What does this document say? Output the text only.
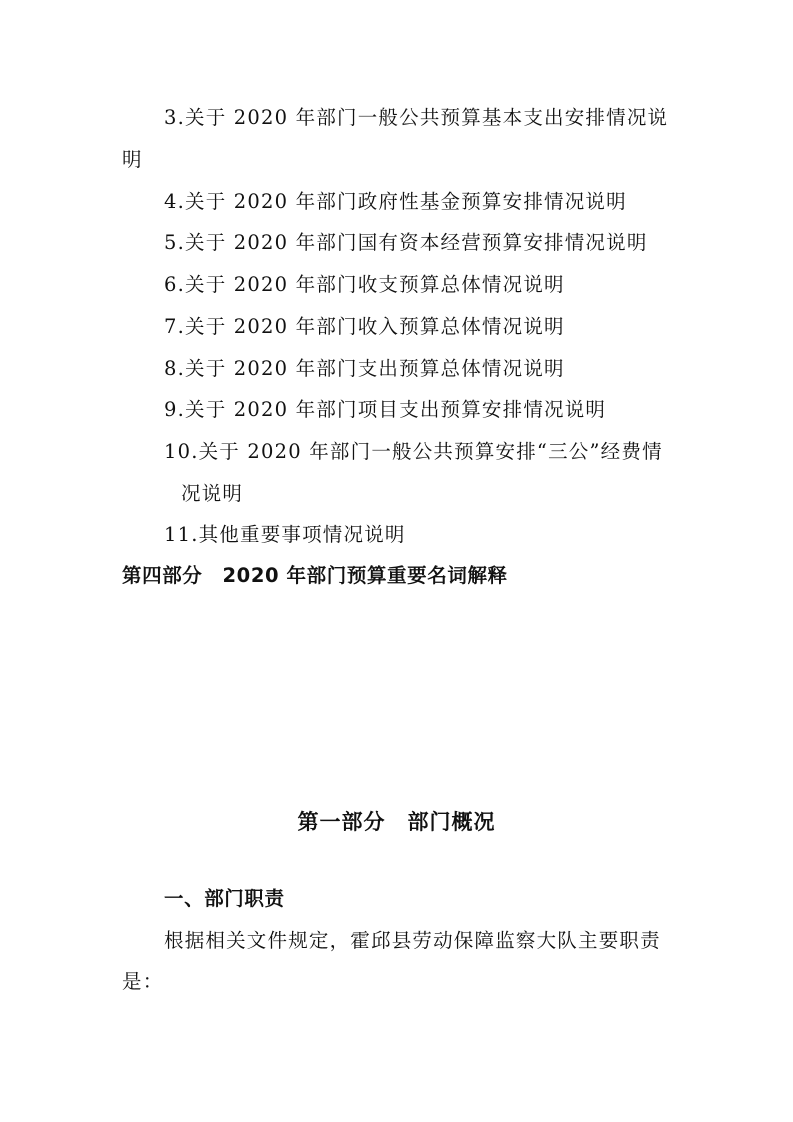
3.关于 2020 年部门一般公共预算基本支出安排情况说
明
4.关于 2020 年部门政府性基金预算安排情况说明
5.关于 2020 年部门国有资本经营预算安排情况说明
6.关于 2020 年部门收支预算总体情况说明
7.关于 2020 年部门收入预算总体情况说明
8.关于 2020 年部门支出预算总体情况说明
9.关于 2020 年部门项目支出预算安排情况说明
10.关于 2020 年部门一般公共预算安排“三公”经费情
况说明
11.其他重要事项情况说明
第四部分　2020 年部门预算重要名词解释
第一部分　部门概况
一、部门职责
根据相关文件规定，霍邱县劳动保障监察大队主要职责
是：
